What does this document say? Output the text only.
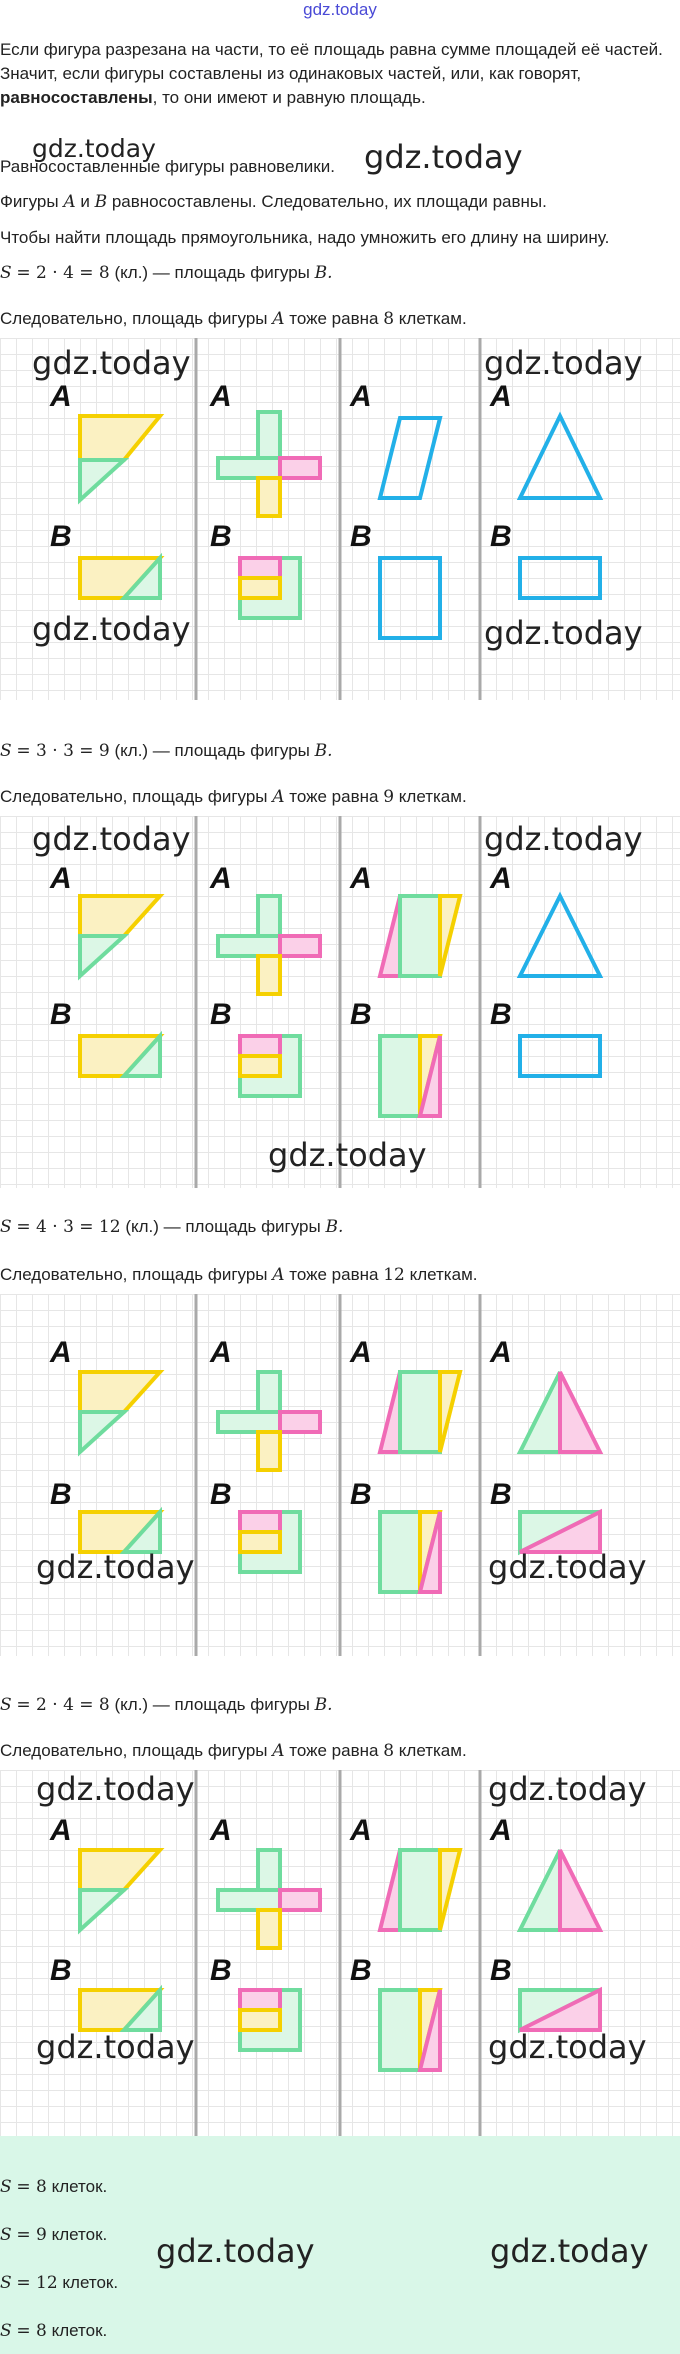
gdz.today
Если фигура разрезана на части, то её площадь равна сумме площадей её частей. Значит, если фигуры составлены из одинаковых частей, или, как говорят, равносоставлены, то они имеют и равную площадь.
Равносоставленные фигуры равновелики.
Фигуры A и B равносоставлены. Следовательно, их площади равны.
Чтобы найти площадь прямоугольника, надо умножить его длину на ширину.
gdz.today	gdz.today
S = 2 · 4 = 8 (кл.) — площадь фигуры B.
Следовательно, площадь фигуры A тоже равна 8 клеткам.
A	A	A	A
B	B	B	B
gdz.today	gdz.today
gdz.today	gdz.today
S = 3 · 3 = 9 (кл.) — площадь фигуры B.
Следовательно, площадь фигуры A тоже равна 9 клеткам.
A	A	A	A
B	B	B	B
gdz.today	gdz.today
gdz.today
S = 4 · 3 = 12 (кл.) — площадь фигуры B.
Следовательно, площадь фигуры A тоже равна 12 клеткам.
A	A	A	A
B	B	B	B
gdz.today	gdz.today
S = 2 · 4 = 8 (кл.) — площадь фигуры B.
Следовательно, площадь фигуры A тоже равна 8 клеткам.
A	A	A	A
B	B	B	B
gdz.today	gdz.today
gdz.today	gdz.today
S = 8 клеток.
S = 9 клеток.
S = 12 клеток.
S = 8 клеток.
gdz.today	gdz.today
